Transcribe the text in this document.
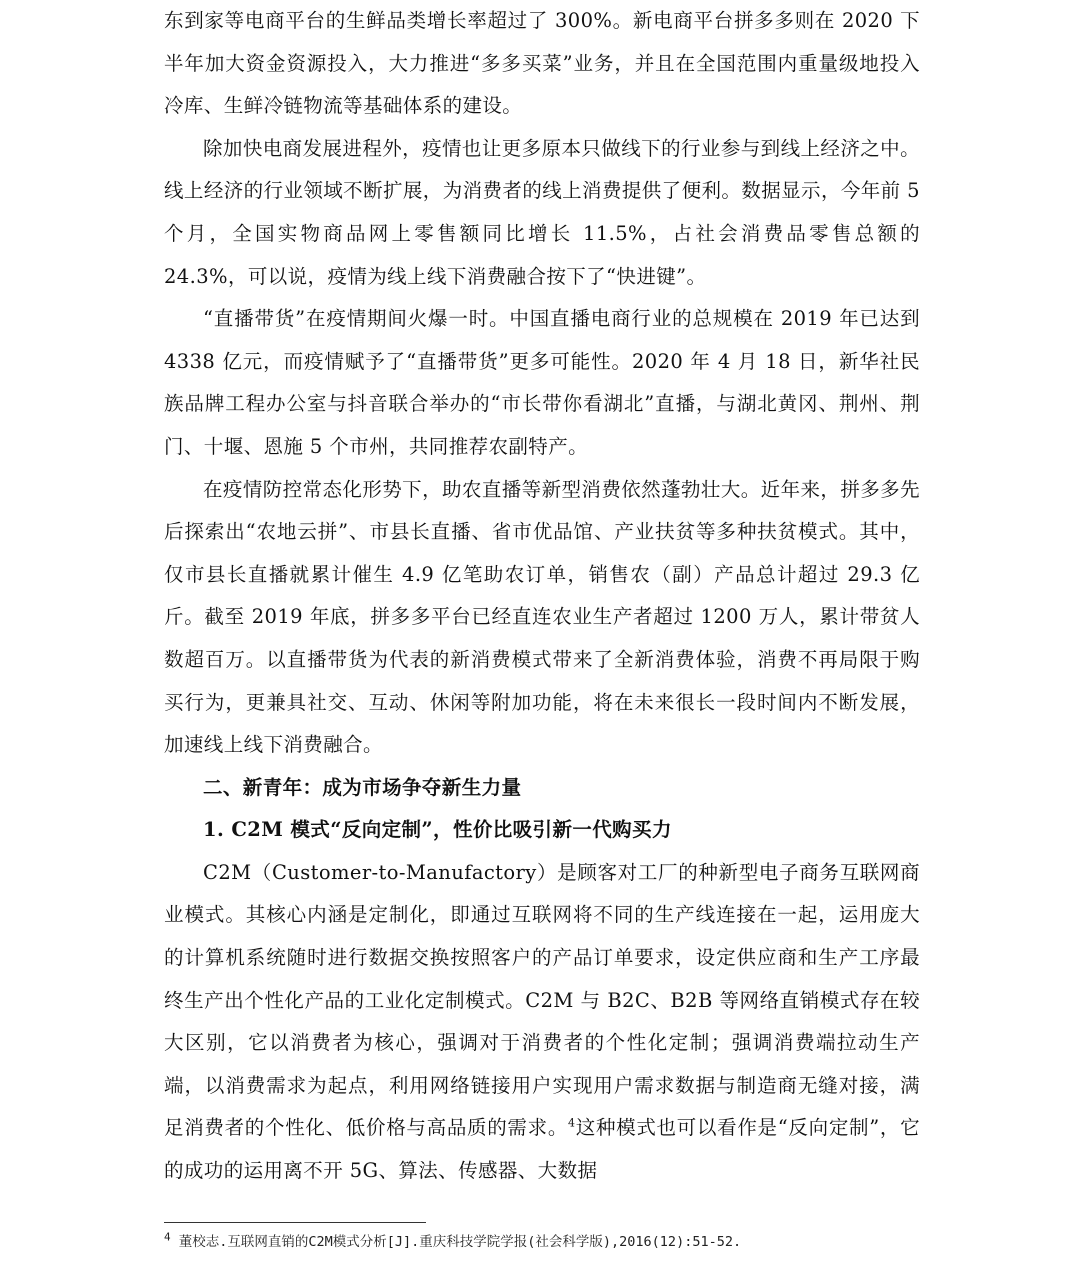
东到家等电商平台的生鲜品类增长率超过了 300%。新电商平台拼多多则在 2020 下半年加大资金资源投入，大力推进“多多买菜”业务，并且在全国范围内重量级地投入冷库、生鲜冷链物流等基础体系的建设。

除加快电商发展进程外，疫情也让更多原本只做线下的行业参与到线上经济之中。线上经济的行业领域不断扩展，为消费者的线上消费提供了便利。数据显示，今年前 5 个月，全国实物商品网上零售额同比增长 11.5%，占社会消费品零售总额的 24.3%，可以说，疫情为线上线下消费融合按下了“快进键”。

“直播带货”在疫情期间火爆一时。中国直播电商行业的总规模在 2019 年已达到 4338 亿元，而疫情赋予了“直播带货”更多可能性。2020 年 4 月 18 日，新华社民族品牌工程办公室与抖音联合举办的“市长带你看湖北”直播，与湖北黄冈、荆州、荆门、十堰、恩施 5 个市州，共同推荐农副特产。

在疫情防控常态化形势下，助农直播等新型消费依然蓬勃壮大。近年来，拼多多先后探索出“农地云拼”、市县长直播、省市优品馆、产业扶贫等多种扶贫模式。其中，仅市县长直播就累计催生 4.9 亿笔助农订单，销售农（副）产品总计超过 29.3 亿斤。截至 2019 年底，拼多多平台已经直连农业生产者超过 1200 万人，累计带贫人数超百万。以直播带货为代表的新消费模式带来了全新消费体验，消费不再局限于购买行为，更兼具社交、互动、休闲等附加功能，将在未来很长一段时间内不断发展，加速线上线下消费融合。

二、新青年：成为市场争夺新生力量

1. C2M 模式“反向定制”，性价比吸引新一代购买力

C2M（Customer-to-Manufactory）是顾客对工厂的种新型电子商务互联网商业模式。其核心内涵是定制化，即通过互联网将不同的生产线连接在一起，运用庞大的计算机系统随时进行数据交换按照客户的产品订单要求，设定供应商和生产工序最终生产出个性化产品的工业化定制模式。C2M 与 B2C、B2B 等网络直销模式存在较大区别，它以消费者为核心，强调对于消费者的个性化定制；强调消费端拉动生产端，以消费需求为起点，利用网络链接用户实现用户需求数据与制造商无缝对接，满足消费者的个性化、低价格与高品质的需求。$^4$这种模式也可以看作是“反向定制”，它的成功的运用离不开 5G、算法、传感器、大数据

$^4$ 董校志.互联网直销的C2M模式分析[J].重庆科技学院学报(社会科学版),2016(12):51-52.
